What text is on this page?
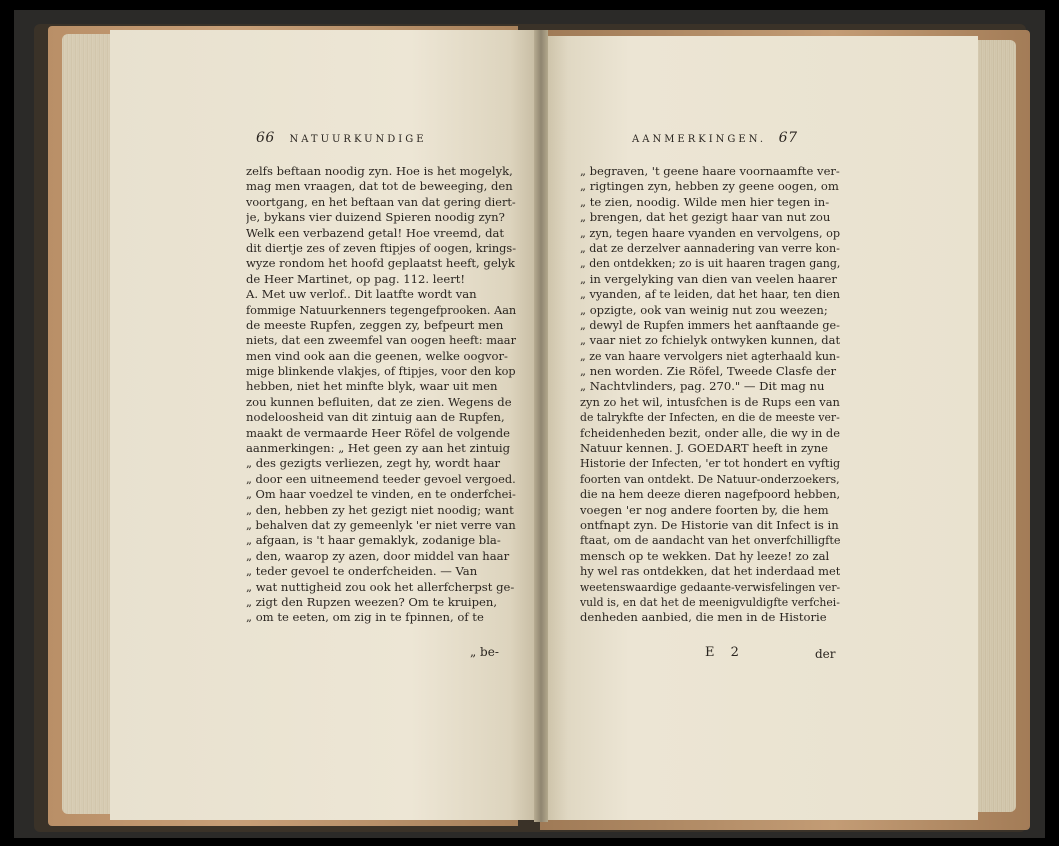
66 NATUURKUNDIGE	AANMERKINGEN. 67
zelfs beftaan noodig zyn. Hoe is het mogelyk,
mag men vraagen, dat tot de beweeging, den
voortgang, en het beftaan van dat gering diert-
je, bykans vier duizend Spieren noodig zyn?
Welk een verbazend getal! Hoe vreemd, dat
dit diertje zes of zeven ftipjes of oogen, krings-
wyze rondom het hoofd geplaatst heeft, gelyk
de Heer Martinet, op pag. 112. leert!
A. Met uw verlof.. Dit laatfte wordt van
fommige Natuurkenners tegengefprooken. Aan
de meeste Rupfen, zeggen zy, befpeurt men
niets, dat een zweemfel van oogen heeft: maar
men vind ook aan die geenen, welke oogvor-
mige blinkende vlakjes, of ftipjes, voor den kop
hebben, niet het minfte blyk, waar uit men
zou kunnen befluiten, dat ze zien. Wegens de
nodeloosheid van dit zintuig aan de Rupfen,
maakt de vermaarde Heer Röfel de volgende
aanmerkingen: „ Het geen zy aan het zintuig
„ des gezigts verliezen, zegt hy, wordt haar
„ door een uitneemend teeder gevoel vergoed.
„ Om haar voedzel te vinden, en te onderfchei-
„ den, hebben zy het gezigt niet noodig; want
„ behalven dat zy gemeenlyk 'er niet verre van
„ afgaan, is 't haar gemaklyk, zodanige bla-
„ den, waarop zy azen, door middel van haar
„ teder gevoel te onderfcheiden. — Van
„ wat nuttigheid zou ook het allerfcherpst ge-
„ zigt den Rupzen weezen? Om te kruipen,
„ om te eeten, om zig in te fpinnen, of te
„ be-
„ begraven, 't geene haare voornaamfte ver-
„ rigtingen zyn, hebben zy geene oogen, om
„ te zien, noodig. Wilde men hier tegen in-
„ brengen, dat het gezigt haar van nut zou
„ zyn, tegen haare vyanden en vervolgens, op
„ dat ze derzelver aannadering van verre kon-
„ den ontdekken; zo is uit haaren tragen gang,
„ in vergelyking van dien van veelen haarer
„ vyanden, af te leiden, dat het haar, ten dien
„ opzigte, ook van weinig nut zou weezen;
„ dewyl de Rupfen immers het aanftaande ge-
„ vaar niet zo fchielyk ontwyken kunnen, dat
„ ze van haare vervolgers niet agterhaald kun-
„ nen worden. Zie Röfel, Tweede Clasfe der
„ Nachtvlinders, pag. 270." — Dit mag nu
zyn zo het wil, intusfchen is de Rups een van
de talrykfte der Infecten, en die de meeste ver-
fcheidenheden bezit, onder alle, die wy in de
Natuur kennen. J. GOEDART heeft in zyne
Historie der Infecten, 'er tot hondert en vyftig
foorten van ontdekt. De Natuur-onderzoekers,
die na hem deeze dieren nagefpoord hebben,
voegen 'er nog andere foorten by, die hem
ontfnapt zyn. De Historie van dit Infect is in
ftaat, om de aandacht van het onverfchilligfte
mensch op te wekken. Dat hy leeze! zo zal
hy wel ras ontdekken, dat het inderdaad met
weetenswaardige gedaante-verwisfelingen ver-
vuld is, en dat het de meenigvuldigfte verfchei-
denheden aanbied, die men in de Historie
E 2	der
